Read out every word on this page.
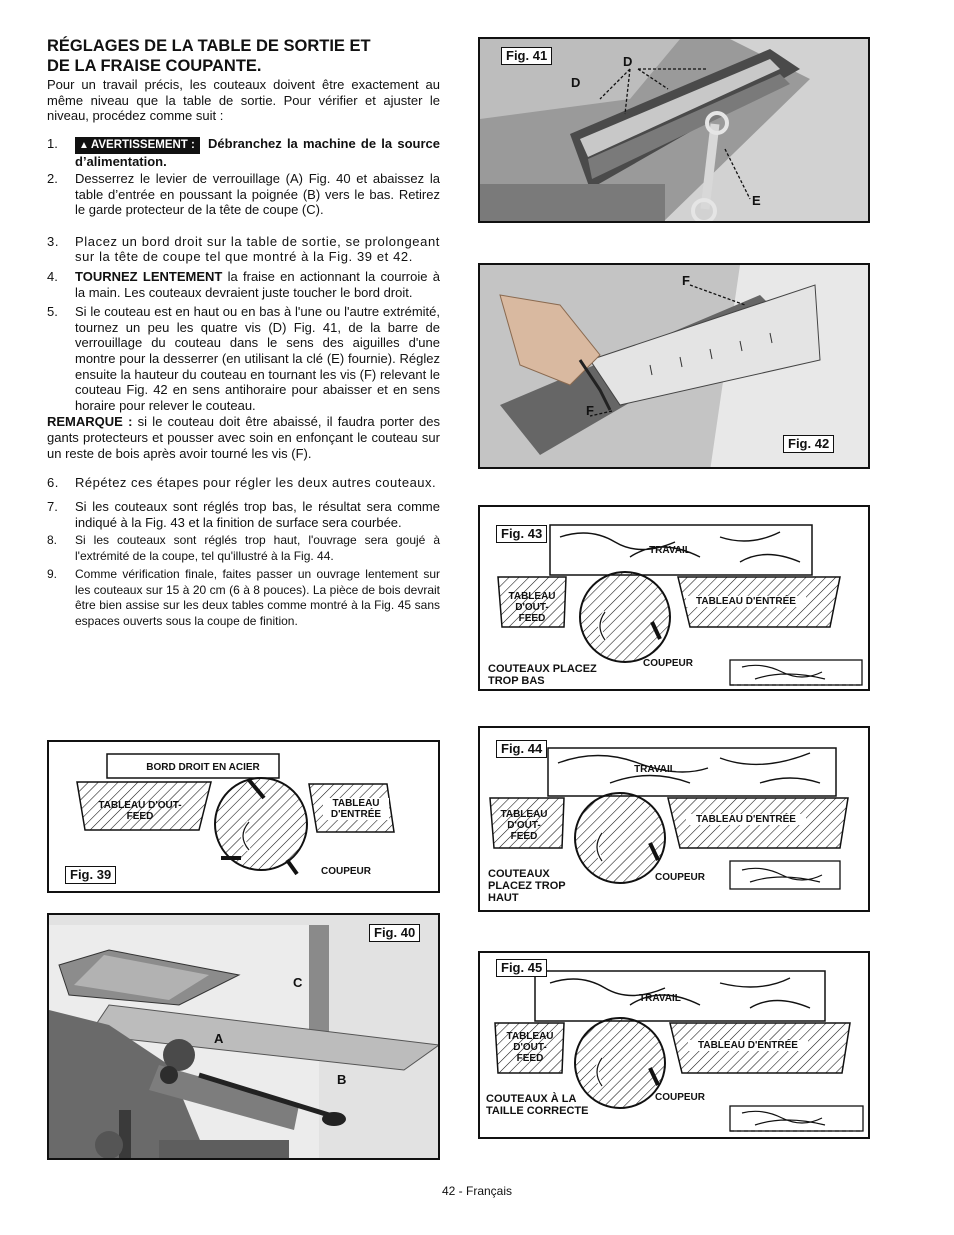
RÉGLAGES DE LA TABLE DE SORTIE ET
DE LA FRAISE COUPANTE.

Pour un travail précis, les couteaux doivent être exactement au même niveau que la table de sortie. Pour vérifier et ajuster le niveau, procédez comme suit :

1. ▲ AVERTISSEMENT : Débranchez la machine de la source d’alimentation.
2. Desserrez le levier de verrouillage (A) Fig. 40 et abaissez la table d’entrée en poussant la poignée (B) vers le bas. Retirez le garde protecteur de la tête de coupe (C).
3. Placez un bord droit sur la table de sortie, se prolongeant sur la tête de coupe tel que montré à la Fig. 39 et 42.
4. TOURNEZ LENTEMENT la fraise en actionnant la courroie à la main. Les couteaux devraient juste toucher le bord droit.
5. Si le couteau est en haut ou en bas à l'une ou l'autre extrémité, tournez un peu les quatre vis (D) Fig. 41, de la barre de verrouillage du couteau dans le sens des aiguilles d'une montre pour la desserrer (en utilisant la clé (E) fournie). Réglez ensuite la hauteur du couteau en tournant les vis (F) relevant le couteau Fig. 42 en sens antihoraire pour abaisser et en sens horaire pour relever le couteau.

REMARQUE : si le couteau doit être abaissé, il faudra porter des gants protecteurs et pousser avec soin en enfonçant le couteau sur un reste de bois après avoir tourné les vis (F).

6. Répétez ces étapes pour régler les deux autres couteaux.
7. Si les couteaux sont réglés trop bas, le résultat sera comme indiqué à la Fig. 43 et la finition de surface sera courbée.
8. Si les couteaux sont réglés trop haut, l'ouvrage sera goujé à l'extrémité de la coupe, tel qu'illustré à la Fig. 44.
9. Comme vérification finale, faites passer un ouvrage lentement sur les couteaux sur 15 à 20 cm (6 à 8 pouces). La pièce de bois devrait être bien assise sur les deux tables comme montré à la Fig. 45 sans espaces ouverts sous la coupe de finition.
BORD DROIT EN ACIER
TABLEAU D'OUT-
FEED
TABLEAU
D'ENTRÉE
COUPEUR
Fig. 39
Fig. 40
C
A
B
Fig. 41
D
D
E
F
F
Fig. 42
TRAVAIL
TABLEAU
D'OUT-
FEED
TABLEAU D'ENTRÉE
COUTEAUX PLACEZ
TROP BAS
COUPEUR
Fig. 43
TRAVAIL
TABLEAU
D'OUT-
FEED
TABLEAU D'ENTRÉE
COUTEAUX
PLACEZ TROP
HAUT
COUPEUR
Fig. 44
TRAVAIL
TABLEAU
D'OUT-
FEED
TABLEAU D'ENTRÉE
COUTEAUX À LA
TAILLE CORRECTE
COUPEUR
Fig. 45
42 - Français
